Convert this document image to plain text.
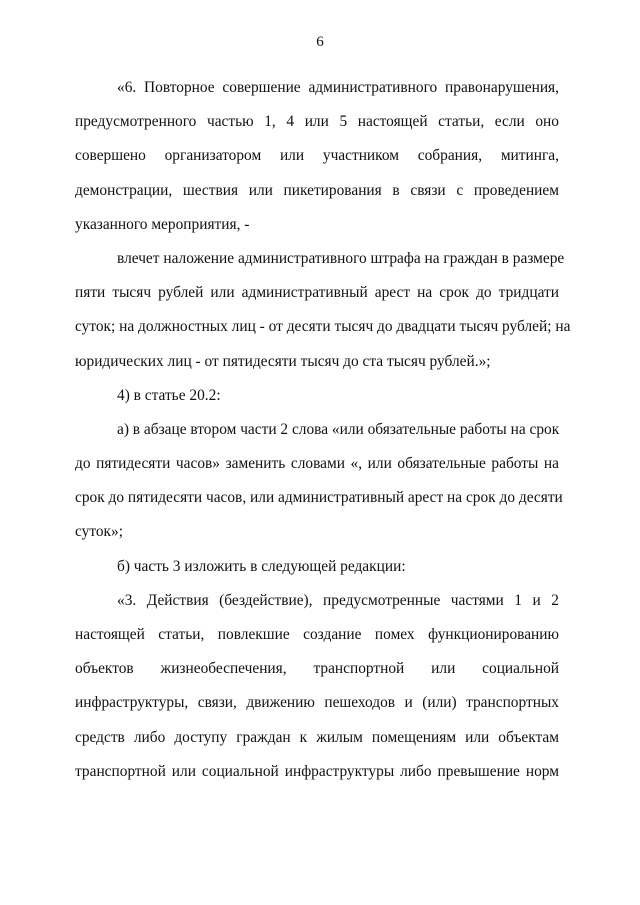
6
«6. Повторное совершение административного правонарушения,
предусмотренного частью 1, 4 или 5 настоящей статьи, если оно
совершено организатором или участником собрания, митинга,
демонстрации, шествия или пикетирования в связи с проведением
указанного мероприятия, -
влечет наложение административного штрафа на граждан в размере
пяти тысяч рублей или административный арест на срок до тридцати
суток; на должностных лиц - от десяти тысяч до двадцати тысяч рублей; на
юридических лиц - от пятидесяти тысяч до ста тысяч рублей.»;
4) в статье 20.2:
а) в абзаце втором части 2 слова «или обязательные работы на срок
до пятидесяти часов» заменить словами «, или обязательные работы на
срок до пятидесяти часов, или административный арест на срок до десяти
суток»;
б) часть 3 изложить в следующей редакции:
«3. Действия (бездействие), предусмотренные частями 1 и 2
настоящей статьи, повлекшие создание помех функционированию
объектов жизнеобеспечения, транспортной или социальной
инфраструктуры, связи, движению пешеходов и (или) транспортных
средств либо доступу граждан к жилым помещениям или объектам
транспортной или социальной инфраструктуры либо превышение норм
